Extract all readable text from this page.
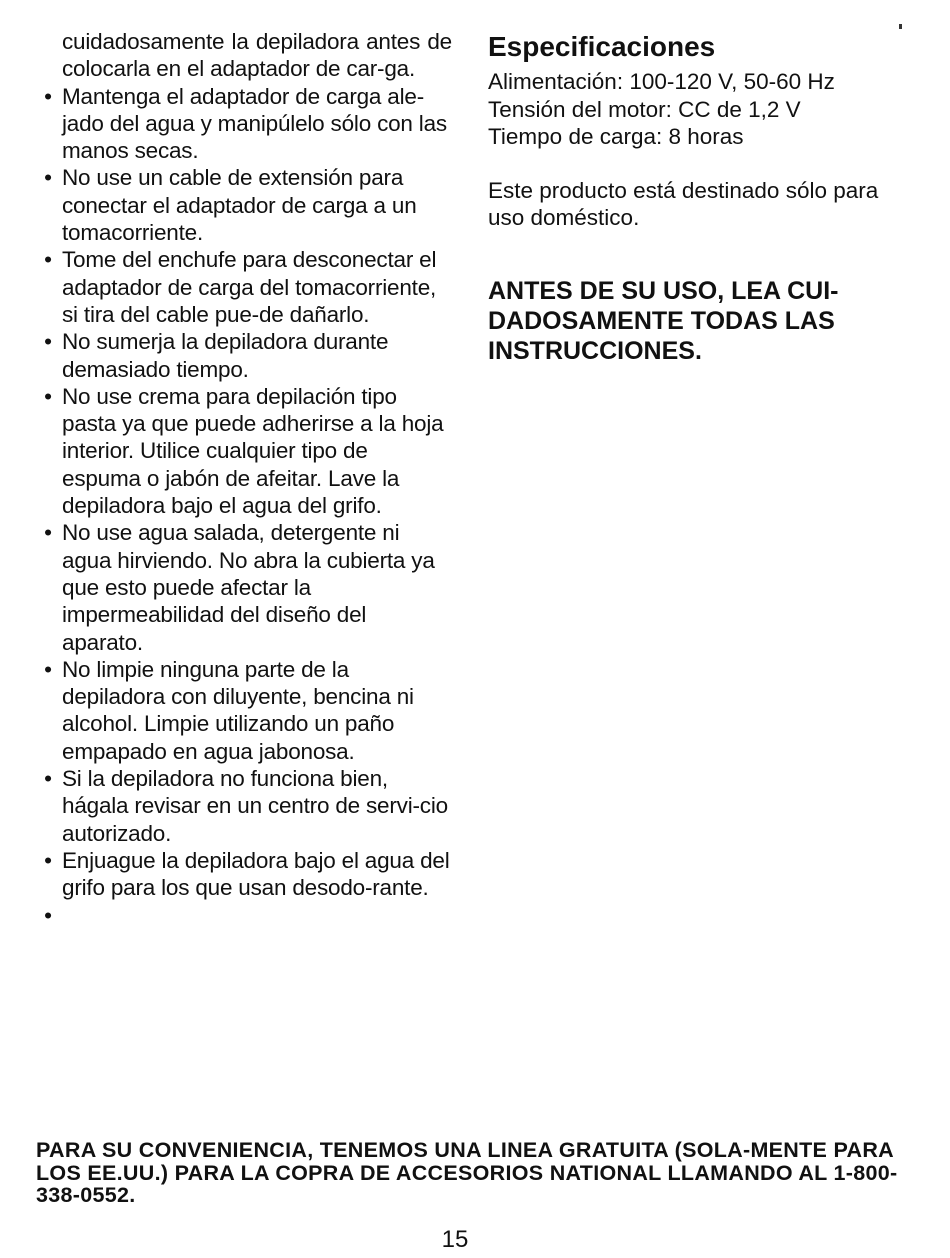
cuidadosamente la depiladora antes de colocarla en el adaptador de car-ga.
• Mantenga el adaptador de carga ale-jado del agua y manipúlelo sólo con las manos secas.
• No use un cable de extensión para conectar el adaptador de carga a un tomacorriente.
• Tome del enchufe para desconectar el adaptador de carga del tomacorriente, si tira del cable pue-de dañarlo.
• No sumerja la depiladora durante demasiado tiempo.
• No use crema para depilación tipo pasta ya que puede adherirse a la hoja interior. Utilice cualquier tipo de espuma o jabón de afeitar. Lave la depiladora bajo el agua del grifo.
• No use agua salada, detergente ni agua hirviendo. No abra la cubierta ya que esto puede afectar la impermeabilidad del diseño del aparato.
• No limpie ninguna parte de la depiladora con diluyente, bencina ni alcohol. Limpie utilizando un paño empapado en agua jabonosa.
• Si la depiladora no funciona bien, hágala revisar en un centro de servi-cio autorizado.
• Enjuague la depiladora bajo el agua del grifo para los que usan desodo-rante.
•
Especificaciones
Alimentación: 100-120 V, 50-60 Hz
Tensión del motor: CC de 1,2 V
Tiempo de carga: 8 horas
Este producto está destinado sólo para uso doméstico.
ANTES DE SU USO, LEA CUI-DADOSAMENTE TODAS LAS INSTRUCCIONES.
PARA SU CONVENIENCIA, TENEMOS UNA LINEA GRATUITA (SOLA-MENTE PARA LOS EE.UU.) PARA LA COPRA DE ACCESORIOS NATIONAL LLAMANDO AL 1-800-338-0552.
15
